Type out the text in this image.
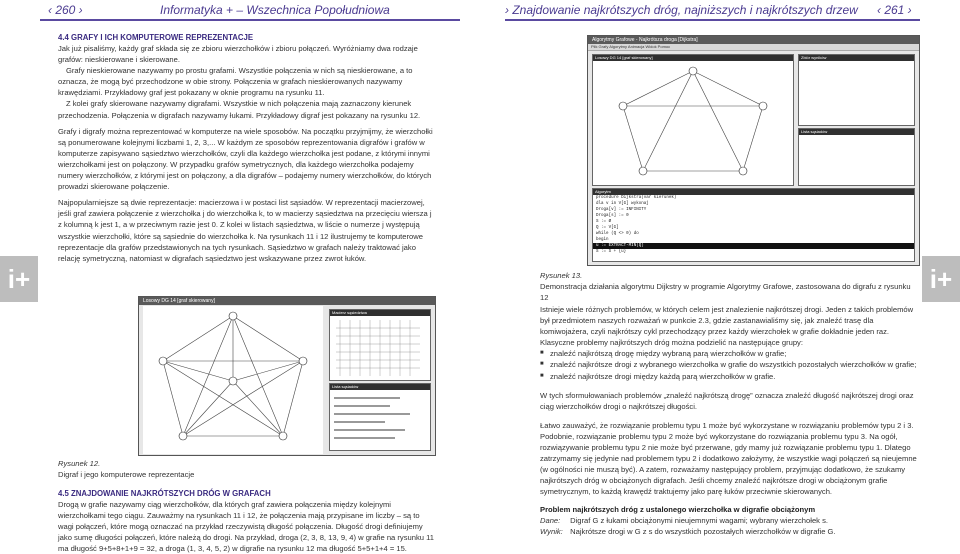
‹ 260 ›	Informatyka + – Wszechnica Popołudniowa	› Znajdowanie najkrótszych dróg, najniższych i najkrótszych drzew ‹ 261 ›
i+	i+
4.4 GRAFY I ICH KOMPUTEROWE REPREZENTACJE

Jak już pisaliśmy, każdy graf składa się ze zbioru wierzchołków i zbioru połączeń. Wyróżniamy dwa rodzaje grafów: nieskierowane i skierowane.

Grafy nieskierowane nazywamy po prostu grafami. Wszystkie połączenia w nich są nieskierowane, a to oznacza, że mogą być przechodzone w obie strony. Połączenia w grafach nieskierowanych nazywamy krawędziami. Przykładowy graf jest pokazany w oknie programu na rysunku 11.

Z kolei grafy skierowane nazywamy digrafami. Wszystkie w nich połączenia mają zaznaczony kierunek przechodzenia. Połączenia w digrafach nazywamy łukami. Przykładowy digraf jest pokazany na rysunku 12.

Grafy i digrafy można reprezentować w komputerze na wiele sposobów. Na początku przyjmijmy, że wierzchołki są ponumerowane kolejnymi liczbami 1, 2, 3,... W każdym ze sposobów reprezentowania digrafów i grafów w komputerze zapisywano sąsiedztwo wierzchołków, czyli dla każdego wierzchołka jest podane, z którymi innymi wierzchołkami jest on połączony. W przypadku grafów symetrycznych, dla każdego wierzchołka podajemy numery wierzchołków, z którymi jest on połączony, a dla digrafów – podajemy numery wierzchołków, do których prowadzi skierowane połączenie.

Najpopularniejsze są dwie reprezentacje: macierzowa i w postaci list sąsiadów. W reprezentacji macierzowej, jeśli graf zawiera połączenie z wierzchołka j do wierzchołka k, to w macierzy sąsiedztwa na przecięciu wiersza j z kolumną k jest 1, a w przeciwnym razie jest 0. Z kolei w listach sąsiedztwa, w liście o numerze j występują wszystkie wierzchołki, które są sąsiednie do wierzchołka k. Na rysunkach 11 i 12 ilustrujemy te komputerowe reprezentacje dla grafów przedstawionych na tych rysunkach. Sąsiedztwo w grafach należy traktować jako relację symetryczną, natomiast w digrafach sąsiedztwo jest wskazywane przez zwrot łuków.

Losowy DG 14 [graf skierowany]
Macierz sąsiedztwa
Lista sąsiadów
Rysunek 12.
Digraf i jego komputerowe reprezentacje
4.5 ZNAJDOWANIE NAJKRÓTSZYCH DRÓG W GRAFACH
Drogą w grafie nazywamy ciąg wierzchołków, dla których graf zawiera połączenia między kolejnymi wierzchołkami tego ciągu. Zauważmy na rysunkach 11 i 12, że połączenia mają przypisane im liczby – są to wagi połączeń, które mogą oznaczać na przykład rzeczywistą długość połączenia. Długość drogi definiujemy jako sumę długości połączeń, które należą do drogi. Na przykład, droga (2, 3, 8, 13, 9, 4) w grafie na rysunku 11 ma długość 9+5+8+1+9 = 32, a droga (1, 3, 4, 5, 2) w digrafie na rysunku 12 ma długość 5+5+1+4 = 15.
Algorytmy Grafowe - Najkrótsza droga [Dijkstra]
Plik Grafy Algorytmy Animacja Widok Pomoc
Losowy DG 14 [graf skierowany]	Zbiór wyników
Lista sąsiadów
Algorytm
procedure Dijkstra(var kierunek)
dla v in V[G] wykonaj
Droga[v] := INFINITY
Droga[s] := 0
S := Ø
Q := V[G]
while (Q <> 0) do
begin
u := EXTRACT-MIN(Q)
S := S + {u}
Rysunek 13.
Demonstracja działania algorytmu Dijkstry w programie Algorytmy Grafowe, zastosowana do digrafu z rysunku 12

Istnieje wiele różnych problemów, w których celem jest znalezienie najkrótszej drogi. Jeden z takich problemów był przedmiotem naszych rozważań w punkcie 2.3, gdzie zastanawialiśmy się, jak znaleźć trasę dla komiwojażera, czyli najkrótszy cykl przechodzący przez każdy wierzchołek w grafie dokładnie jeden raz. Klasyczne problemy najkrótszych dróg można podzielić na następujące grupy:

■ znaleźć najkrótszą drogę między wybraną parą wierzchołków w grafie;
■ znaleźć najkrótsze drogi z wybranego wierzchołka w grafie do wszystkich pozostałych wierzchołków w grafie;
■ znaleźć najkrótsze drogi między każdą parą wierzchołków w grafie.

W tych sformułowaniach problemów „znaleźć najkrótszą drogę” oznacza znaleźć długość najkrótszej drogi oraz ciąg wierzchołków drogi o najkrótszej długości.

Łatwo zauważyć, że rozwiązanie problemu typu 1 może być wykorzystane w rozwiązaniu problemów typu 2 i 3. Podobnie, rozwiązanie problemu typu 2 może być wykorzystane do rozwiązania problemu typu 3. Na ogół, rozwiązywanie problemu typu 2 nie może być przerwane, gdy mamy już rozwiązanie problemu typu 1. Dlatego zatrzymamy się jedynie nad problemem typu 2 i dodatkowo założymy, że wszystkie wagi połączeń są nieujemne (w ogólności nie muszą być). A zatem, rozważamy następujący problem, przyjmując dodatkowo, że szukamy najkrótszych dróg w obciążonych digrafach. Jeśli chcemy znaleźć najkrótsze drogi w obciążonym grafie symetrycznym, to każdą krawędź traktujemy jako parę łuków przeciwnie skierowanych.

Problem najkrótszych dróg z ustalonego wierzchołka w digrafie obciążonym

Dane: Digraf G z łukami obciążonymi nieujemnymi wagami; wybrany wierzchołek s.

Wynik: Najkrótsze drogi w G z s do wszystkich pozostałych wierzchołków w digrafie G.
